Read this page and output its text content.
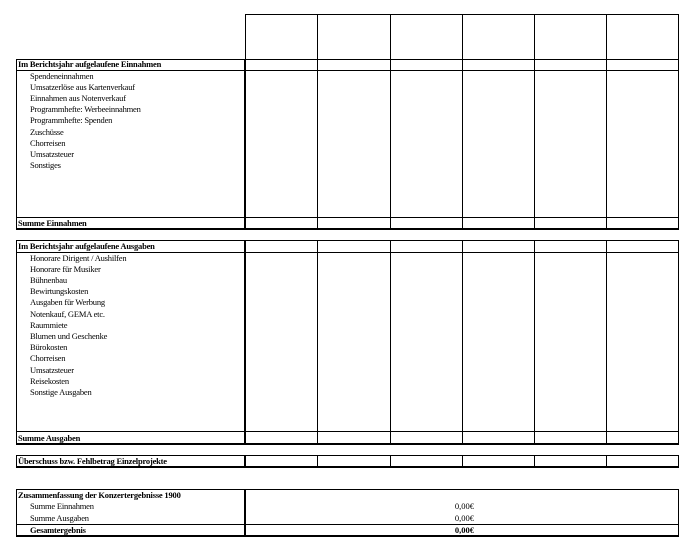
Im Berichtsjahr aufgelaufene Einnahmen
Spendeneinnahmen
Umsatzerlöse aus Kartenverkauf
Einnahmen aus Notenverkauf
Programmhefte: Werbeeinnahmen
Programmhefte: Spenden
Zuschüsse
Chorreisen
Umsatzsteuer
Sonstiges
Summe Einnahmen
Im Berichtsjahr aufgelaufene Ausgaben
Honorare Dirigent / Aushilfen
Honorare für Musiker
Bühnenbau
Bewirtungskosten
Ausgaben für Werbung
Notenkauf, GEMA etc.
Raummiete
Blumen und Geschenke
Bürokosten
Chorreisen
Umsatzsteuer
Reisekosten
Sonstige Ausgaben
Summe Ausgaben
Überschuss bzw. Fehlbetrag Einzelprojekte
Zusammenfassung der Konzertergebnisse 1900
Summe Einnahmen	0,00€
Summe Ausgaben	0,00€
Gesamtergebnis	0,00€
